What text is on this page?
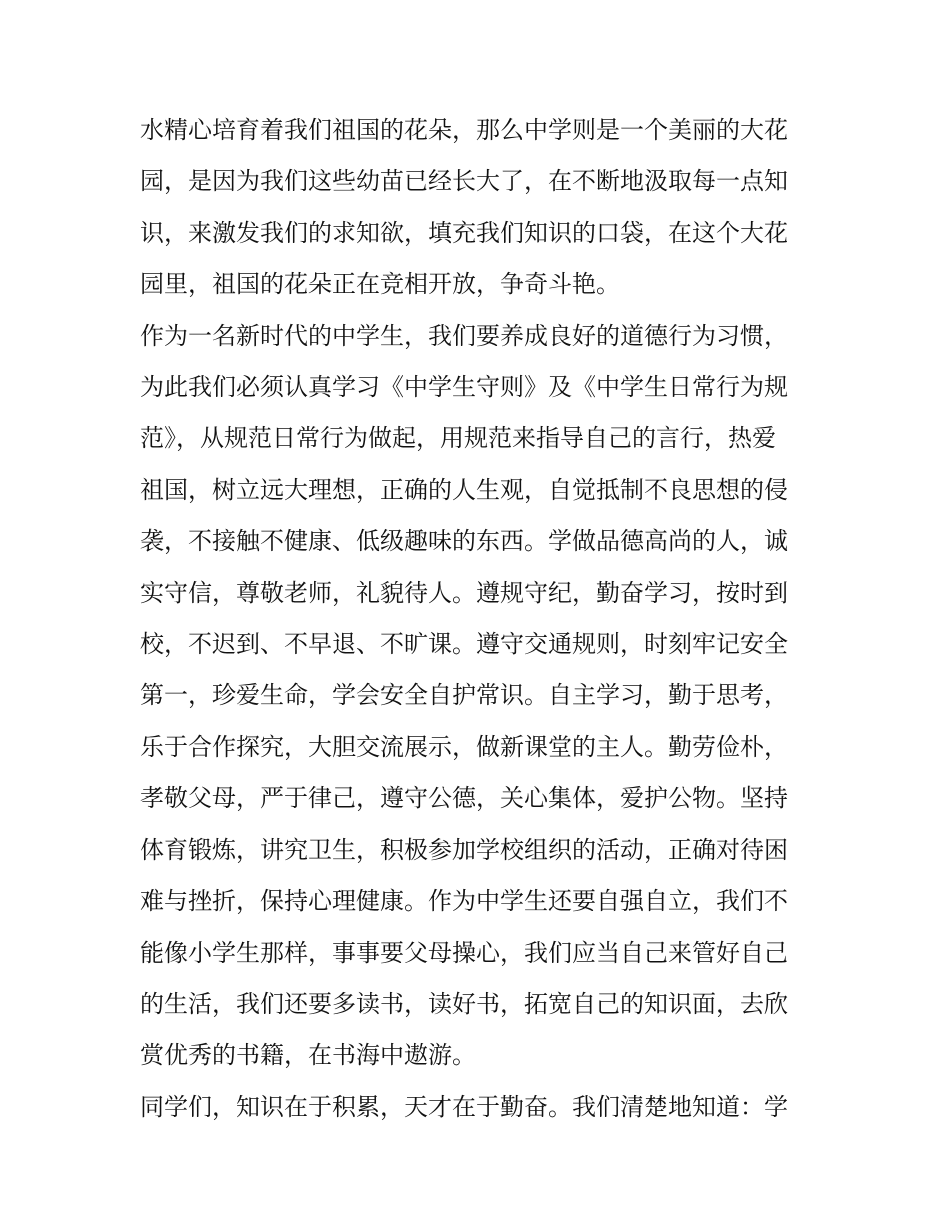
水精心培育着我们祖国的花朵，那么中学则是一个美丽的大花
园，是因为我们这些幼苗已经长大了，在不断地汲取每一点知
识，来激发我们的求知欲，填充我们知识的口袋，在这个大花
园里，祖国的花朵正在竞相开放，争奇斗艳。

作为一名新时代的中学生，我们要养成良好的道德行为习惯，
为此我们必须认真学习《中学生守则》及《中学生日常行为规
范》，从规范日常行为做起，用规范来指导自己的言行，热爱
祖国，树立远大理想，正确的人生观，自觉抵制不良思想的侵
袭，不接触不健康、低级趣味的东西。学做品德高尚的人，诚
实守信，尊敬老师，礼貌待人。遵规守纪，勤奋学习，按时到
校，不迟到、不早退、不旷课。遵守交通规则，时刻牢记安全
第一，珍爱生命，学会安全自护常识。自主学习，勤于思考，
乐于合作探究，大胆交流展示，做新课堂的主人。勤劳俭朴，
孝敬父母，严于律己，遵守公德，关心集体，爱护公物。坚持
体育锻炼，讲究卫生，积极参加学校组织的活动，正确对待困
难与挫折，保持心理健康。作为中学生还要自强自立，我们不
能像小学生那样，事事要父母操心，我们应当自己来管好自己
的生活，我们还要多读书，读好书，拓宽自己的知识面，去欣
赏优秀的书籍，在书海中遨游。

同学们，知识在于积累，天才在于勤奋。我们清楚地知道：学
